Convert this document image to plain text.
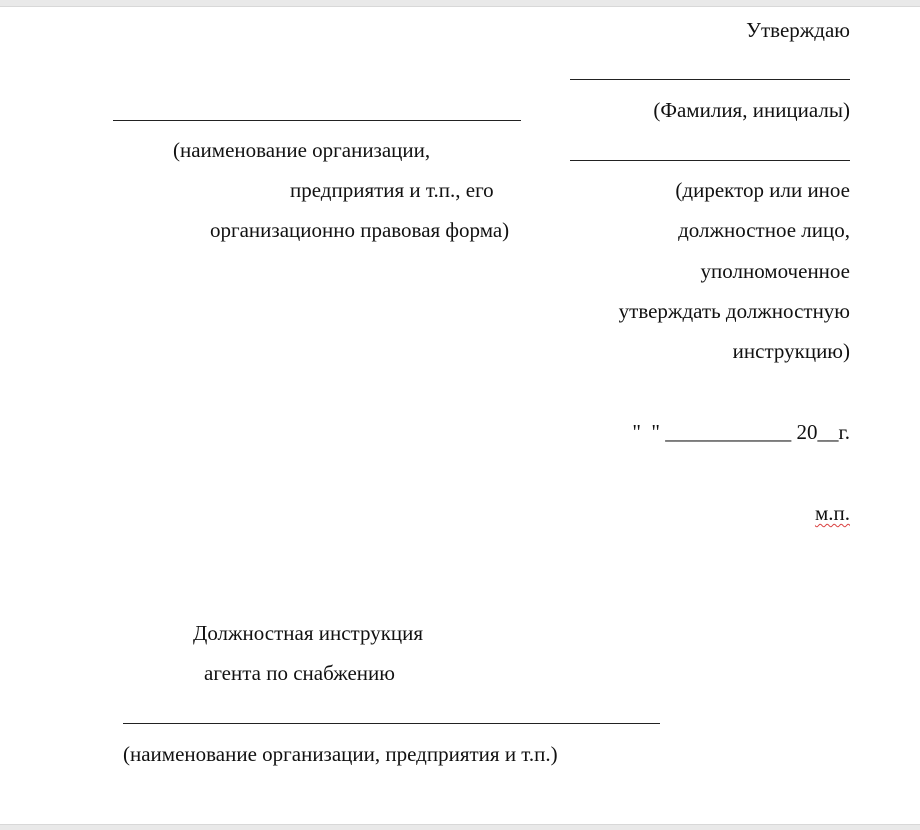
Утверждаю
(Фамилия, инициалы)
(директор или иное
должностное лицо,
уполномоченное
утверждать должностную
инструкцию)
"  " ____________ 20__г.
м.п.
(наименование организации,
предприятия и т.п., его
организационно правовая форма)
Должностная инструкция
агента по снабжению
(наименование организации, предприятия и т.п.)
